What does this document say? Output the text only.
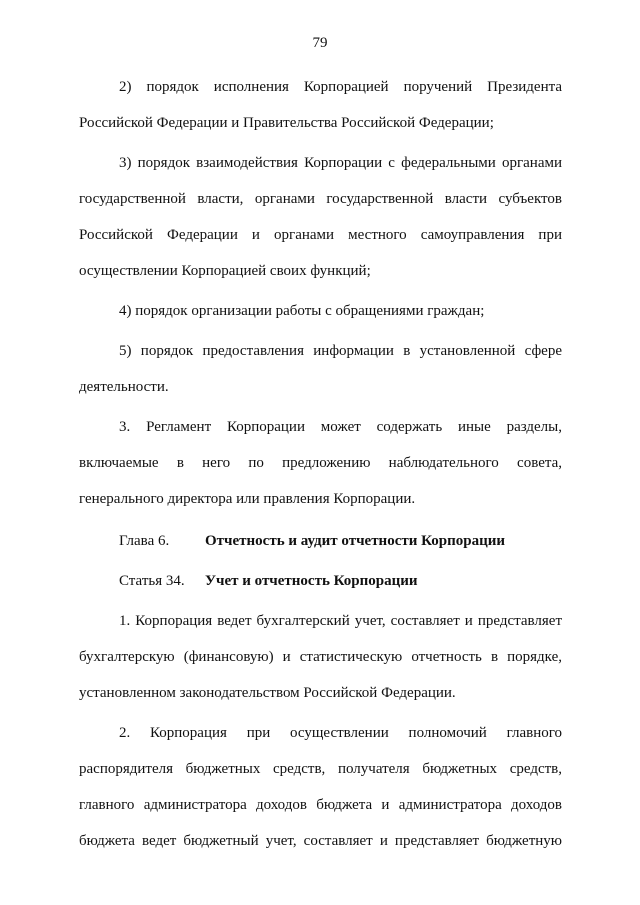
79

2) порядок исполнения Корпорацией поручений Президента Российской Федерации и Правительства Российской Федерации;

3) порядок взаимодействия Корпорации с федеральными органами государственной власти, органами государственной власти субъектов Российской Федерации и органами местного самоуправления при осуществлении Корпорацией своих функций;

4) порядок организации работы с обращениями граждан;

5) порядок предоставления информации в установленной сфере деятельности.

3. Регламент Корпорации может содержать иные разделы, включаемые в него по предложению наблюдательного совета, генерального директора или правления Корпорации.

Глава 6.	Отчетность и аудит отчетности Корпорации
Статья 34.	Учет и отчетность Корпорации

1. Корпорация ведет бухгалтерский учет, составляет и представляет бухгалтерскую (финансовую) и статистическую отчетность в порядке, установленном законодательством Российской Федерации.

2. Корпорация при осуществлении полномочий главного распорядителя бюджетных средств, получателя бюджетных средств, главного администратора доходов бюджета и администратора доходов бюджета ведет бюджетный учет, составляет и представляет бюджетную
